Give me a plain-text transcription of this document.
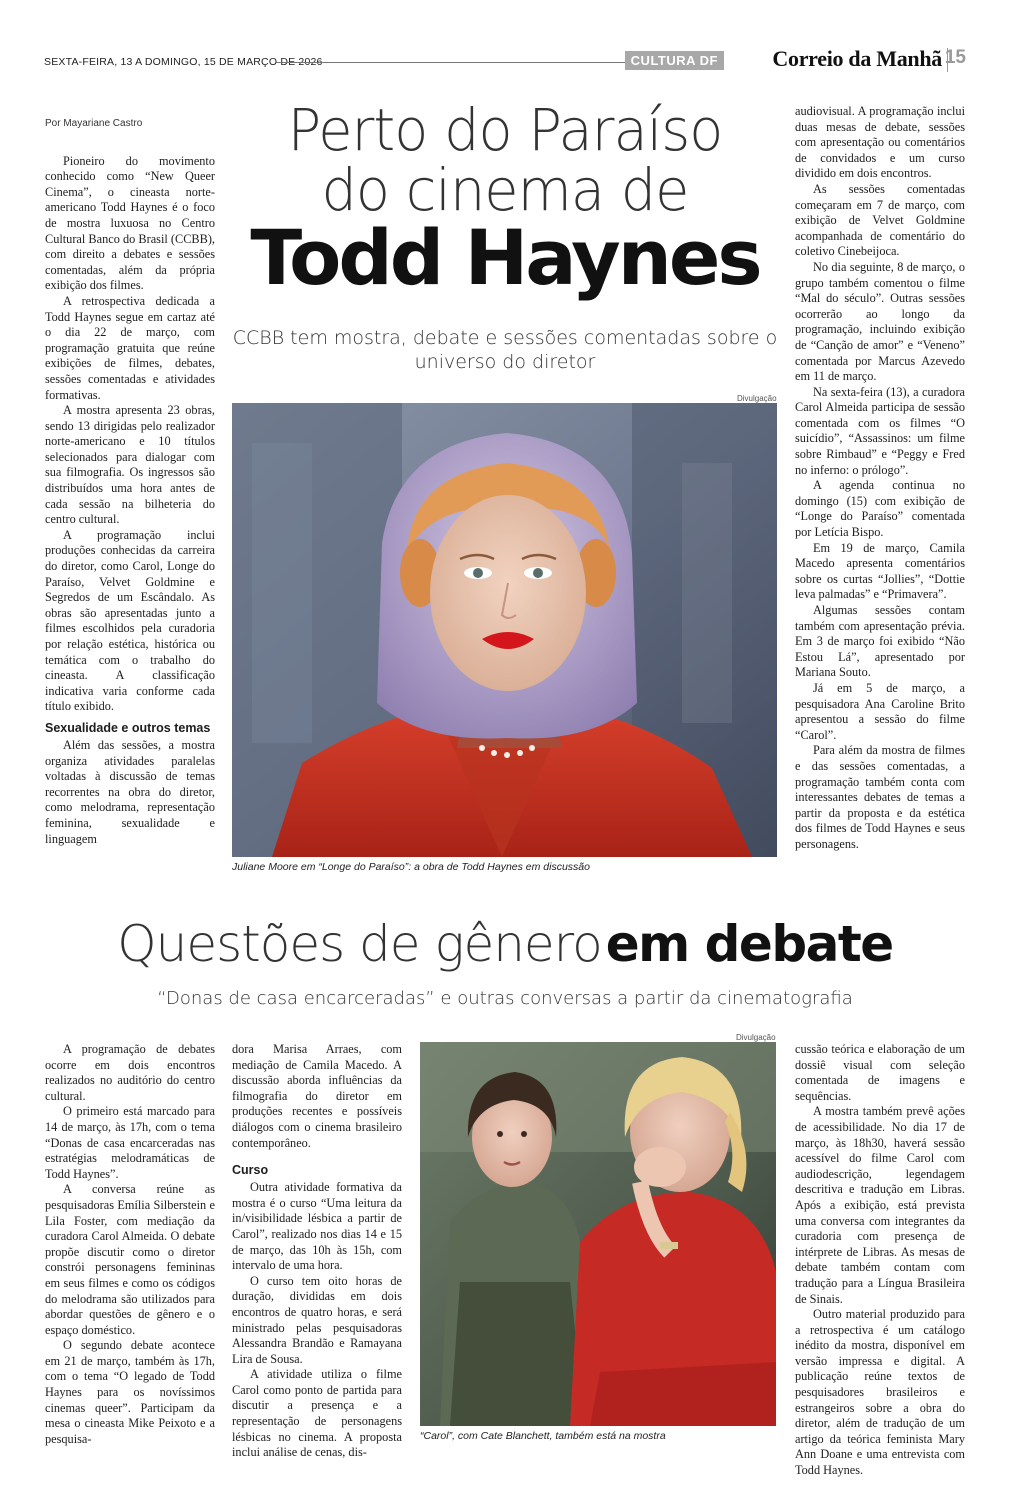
SEXTA-FEIRA, 13 A DOMINGO, 15 DE MARÇO DE 2026	CULTURA DF Correio da Manhã 15
Por Mayariane Castro

Pioneiro do movimento conhecido como “New Queer Cinema”, o cineasta norte-americano Todd Haynes é o foco de mostra luxuosa no Centro Cultural Banco do Brasil (CCBB), com direito a debates e sessões comentadas, além da própria exibição dos filmes.

A retrospectiva dedicada a Todd Haynes segue em cartaz até o dia 22 de março, com programação gratuita que reúne exibições de filmes, debates, sessões comentadas e atividades formativas.

A mostra apresenta 23 obras, sendo 13 dirigidas pelo realizador norte-americano e 10 títulos selecionados para dialogar com sua filmografia. Os ingressos são distribuídos uma hora antes de cada sessão na bilheteria do centro cultural.

A programação inclui produções conhecidas da carreira do diretor, como Carol, Longe do Paraíso, Velvet Goldmine e Segredos de um Escândalo. As obras são apresentadas junto a filmes escolhidos pela curadoria por relação estética, histórica ou temática com o trabalho do cineasta. A classificação indicativa varia conforme cada título exibido.

Sexualidade e outros temas

Além das sessões, a mostra organiza atividades paralelas voltadas à discussão de temas recorrentes na obra do diretor, como melodrama, representação feminina, sexualidade e linguagem

Perto do Paraíso
do cinema de
Todd Haynes
CCBB tem mostra, debate e sessões comentadas sobre o universo do diretor
Divulgação
Juliane Moore em “Longe do Paraíso”: a obra de Todd Haynes em discussão

audiovisual. A programação inclui duas mesas de debate, sessões com apresentação ou comentários de convidados e um curso dividido em dois encontros.

As sessões comentadas começaram em 7 de março, com exibição de Velvet Goldmine acompanhada de comentário do coletivo Cinebeijoca.

No dia seguinte, 8 de março, o grupo também comentou o filme “Mal do século”. Outras sessões ocorrerão ao longo da programação, incluindo exibição de “Canção de amor” e “Veneno” comentada por Marcus Azevedo em 11 de março.

Na sexta-feira (13), a curadora Carol Almeida participa de sessão comentada com os filmes “O suicídio”, “Assassinos: um filme sobre Rimbaud” e “Peggy e Fred no inferno: o prólogo”.

A agenda continua no domingo (15) com exibição de “Longe do Paraíso” comentada por Letícia Bispo.

Em 19 de março, Camila Macedo apresenta comentários sobre os curtas “Jollies”, “Dottie leva palmadas” e “Primavera”.

Algumas sessões contam também com apresentação prévia. Em 3 de março foi exibido “Não Estou Lá”, apresentado por Mariana Souto.

Já em 5 de março, a pesquisadora Ana Caroline Brito apresentou a sessão do filme “Carol”.

Para além da mostra de filmes e das sessões comentadas, a programação também conta com interessantes debates de temas a partir da proposta e da estética dos filmes de Todd Haynes e seus personagens.

Questões de gênero em debate
“Donas de casa encarceradas” e outras conversas a partir da cinematografia

A programação de debates ocorre em dois encontros realizados no auditório do centro cultural.

O primeiro está marcado para 14 de março, às 17h, com o tema “Donas de casa encarceradas nas estratégias melodramáticas de Todd Haynes”.

A conversa reúne as pesquisadoras Emília Silberstein e Lila Foster, com mediação da curadora Carol Almeida. O debate propõe discutir como o diretor constrói personagens femininas em seus filmes e como os códigos do melodrama são utilizados para abordar questões de gênero e o espaço doméstico.

O segundo debate acontece em 21 de março, também às 17h, com o tema “O legado de Todd Haynes para os novíssimos cinemas queer”. Participam da mesa o cineasta Mike Peixoto e a pesquisa-

dora Marisa Arraes, com mediação de Camila Macedo. A discussão aborda influências da filmografia do diretor em produções recentes e possíveis diálogos com o cinema brasileiro contemporâneo.

Curso

Outra atividade formativa da mostra é o curso “Uma leitura da in/visibilidade lésbica a partir de Carol”, realizado nos dias 14 e 15 de março, das 10h às 15h, com intervalo de uma hora.

O curso tem oito horas de duração, divididas em dois encontros de quatro horas, e será ministrado pelas pesquisadoras Alessandra Brandão e Ramayana Lira de Sousa.

A atividade utiliza o filme Carol como ponto de partida para discutir a presença e a representação de personagens lésbicas no cinema. A proposta inclui análise de cenas, dis-

Divulgação
“Carol”, com Cate Blanchett, também está na mostra

cussão teórica e elaboração de um dossiê visual com seleção comentada de imagens e sequências.

A mostra também prevê ações de acessibilidade. No dia 17 de março, às 18h30, haverá sessão acessível do filme Carol com audiodescrição, legendagem descritiva e tradução em Libras. Após a exibição, está prevista uma conversa com integrantes da curadoria com presença de intérprete de Libras. As mesas de debate também contam com tradução para a Língua Brasileira de Sinais.

Outro material produzido para a retrospectiva é um catálogo inédito da mostra, disponível em versão impressa e digital. A publicação reúne textos de pesquisadores brasileiros e estrangeiros sobre a obra do diretor, além de tradução de um artigo da teórica feminista Mary Ann Doane e uma entrevista com Todd Haynes.
